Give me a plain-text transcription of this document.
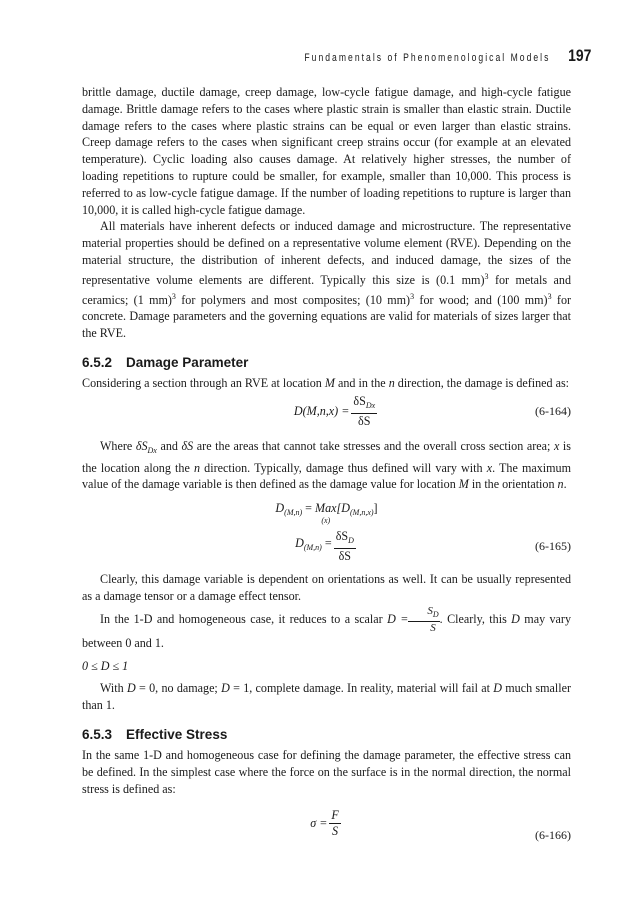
Fundamentals of Phenomenological Models 197

brittle damage, ductile damage, creep damage, low-cycle fatigue damage, and high-cycle fatigue damage. Brittle damage refers to the cases where plastic strain is smaller than elastic strain. Ductile damage refers to the cases where plastic strains can be equal or even larger than elastic strains. Creep damage refers to the cases when significant creep strains occur (for example at an elevated temperature). Cyclic loading also causes damage. At relatively higher stresses, the number of loading repetitions to rupture could be smaller, for example, smaller than 10,000. This process is referred to as low-cycle fatigue damage. If the number of loading repetitions to rupture is larger than 10,000, it is called high-cycle fatigue damage.

All materials have inherent defects or induced damage and microstructure. The representative material properties should be defined on a representative volume element (RVE). Depending on the material structure, the distribution of inherent defects, and induced damage, the sizes of the representative volume elements are different. Typically this size is (0.1 mm)$^3$ for metals and ceramics; (1 mm)$^3$ for polymers and most composites; (10 mm)$^3$ for wood; and (100 mm)$^3$ for concrete. Damage parameters and the governing equations are valid for materials of sizes larger that the RVE.

6.5.2 Damage Parameter

Considering a section through an RVE at location M and in the n direction, the damage is defined as:

$D(M,n,x) = \frac{\delta S_{Dx}}{\delta S}$	(6-164)

Where $\delta S_{Dx}$ and δS are the areas that cannot take stresses and the overall cross section area; x is the location along the n direction. Typically, damage thus defined will vary with x. The maximum value of the damage variable is then defined as the damage value for location M in the orientation n.

$D_{(M,n)}$ = Max
(x)
$[D_{(M,n,x)}]$
$D_{(M,n)} = \frac{\delta S_D}{\delta S}$	(6-165)

Clearly, this damage variable is dependent on orientations as well. It can be usually represented as a damage tensor or a damage effect tensor.

In the 1-D and homogeneous case, it reduces to a scalar $D = \frac{S_D}{S}$ . Clearly, this D may vary between 0 and 1.

0 ≤ D ≤ 1

With D = 0, no damage; D = 1, complete damage. In reality, material will fail at D much smaller than 1.

6.5.3 Effective Stress

In the same 1-D and homogeneous case for defining the damage parameter, the effective stress can be defined. In the simplest case where the force on the surface is in the normal direction, the normal stress is defined as:

$\sigma = \frac{F}{S}$	(6-166)
